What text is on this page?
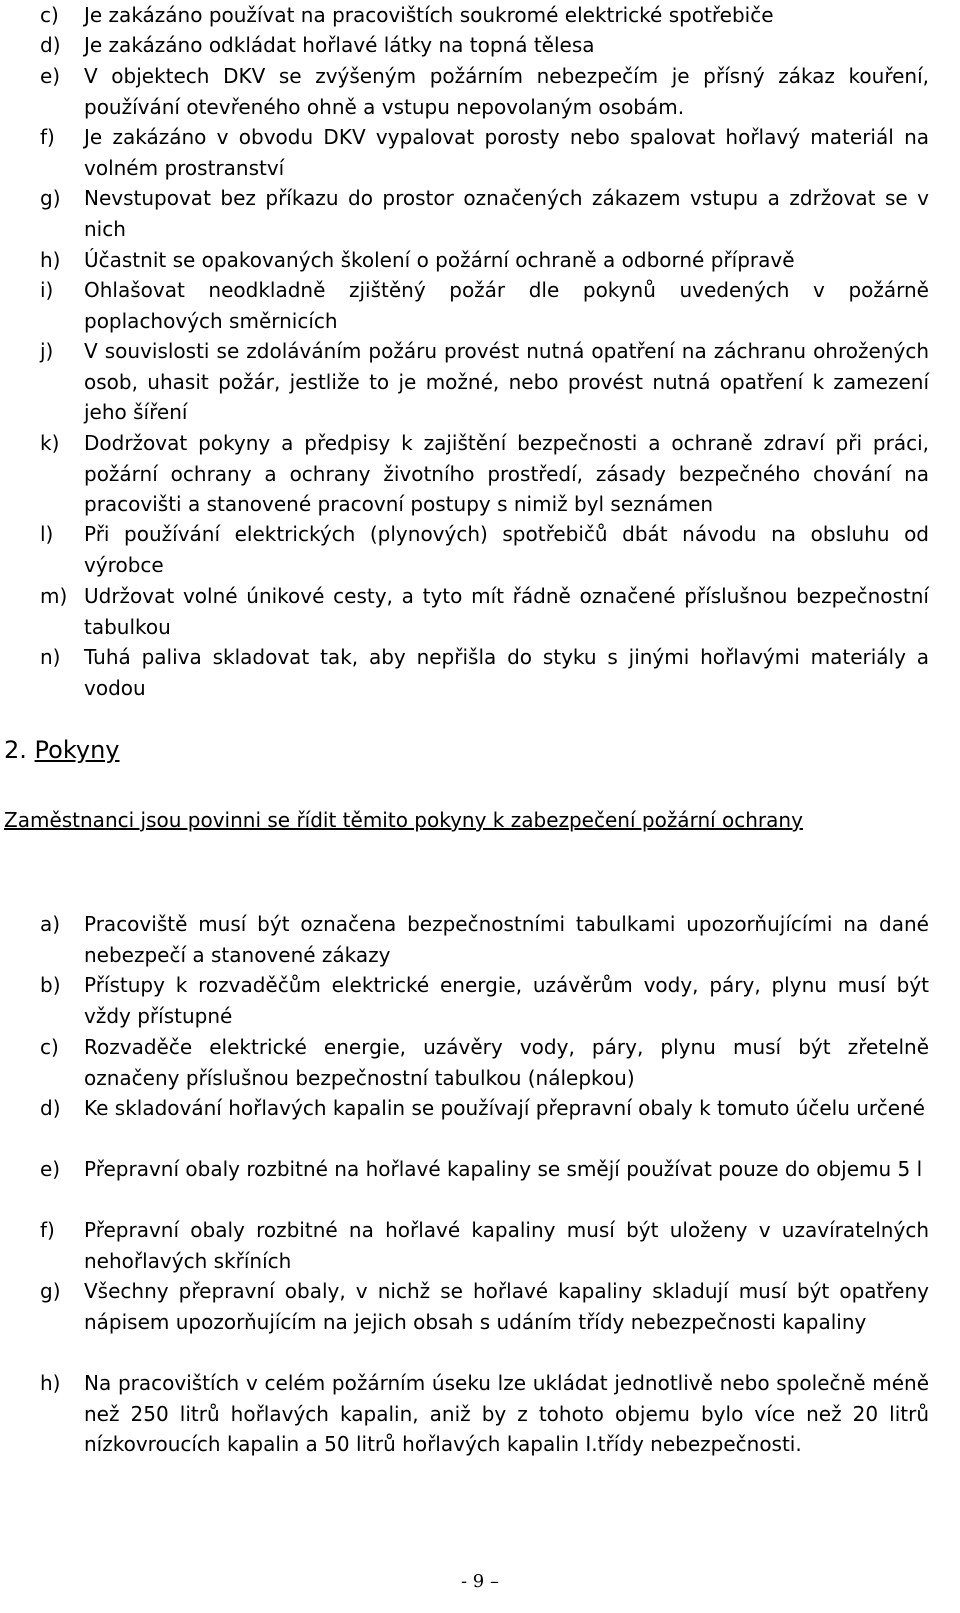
c)	Je zakázáno používat na pracovištích soukromé elektrické spotřebiče
d)	Je zakázáno odkládat hořlavé látky na topná tělesa
e)	V objektech DKV se zvýšeným požárním nebezpečím je přísný zákaz kouření, používání otevřeného ohně a vstupu nepovolaným osobám.
f)	Je zakázáno v obvodu DKV vypalovat porosty nebo spalovat hořlavý materiál na volném prostranství
g)	Nevstupovat bez příkazu do prostor označených zákazem vstupu a zdržovat se v nich
h)	Účastnit se opakovaných školení o požární ochraně a odborné přípravě
i)	Ohlašovat neodkladně zjištěný požár dle pokynů uvedených v požárně poplachových směrnicích
j)	V souvislosti se zdoláváním požáru provést nutná opatření na záchranu ohrožených osob, uhasit požár, jestliže to je možné, nebo provést nutná opatření k zamezení jeho šíření
k)	Dodržovat pokyny a předpisy k zajištění bezpečnosti a ochraně zdraví při práci, požární ochrany a ochrany životního prostředí, zásady bezpečného chování na pracovišti a stanovené pracovní postupy s nimiž byl seznámen
l)	Při používání elektrických (plynových) spotřebičů dbát návodu na obsluhu od výrobce
m) Udržovat volné únikové cesty, a tyto mít řádně označené příslušnou bezpečnostní tabulkou
n)	Tuhá paliva skladovat tak, aby nepřišla do styku s jinými hořlavými materiály a vodou
2. Pokyny
Zaměstnanci jsou povinni se řídit těmito pokyny k zabezpečení požární ochrany
a)	Pracoviště musí být označena bezpečnostními tabulkami upozorňujícími na dané nebezpečí a stanovené zákazy
b)	Přístupy k rozvaděčům elektrické energie, uzávěrům vody, páry, plynu musí být vždy přístupné
c)	Rozvaděče elektrické energie, uzávěry vody, páry, plynu musí být zřetelně označeny příslušnou bezpečnostní tabulkou (nálepkou)
d)	Ke skladování hořlavých kapalin se používají přepravní obaly k tomuto účelu určené
e)	Přepravní obaly rozbitné na hořlavé kapaliny se smějí používat pouze do objemu 5 l
f)	Přepravní obaly rozbitné na hořlavé kapaliny musí být uloženy v uzavíratelných nehořlavých skříních
g)	Všechny přepravní obaly, v nichž se hořlavé kapaliny skladují musí být opatřeny nápisem upozorňujícím na jejich obsah s udáním třídy nebezpečnosti kapaliny
h)	Na pracovištích v celém požárním úseku lze ukládat jednotlivě nebo společně méně než 250 litrů hořlavých kapalin, aniž by z tohoto objemu bylo více než 20 litrů nízkovroucích kapalin a 50 litrů hořlavých kapalin I.třídy nebezpečnosti.
- 9 –
